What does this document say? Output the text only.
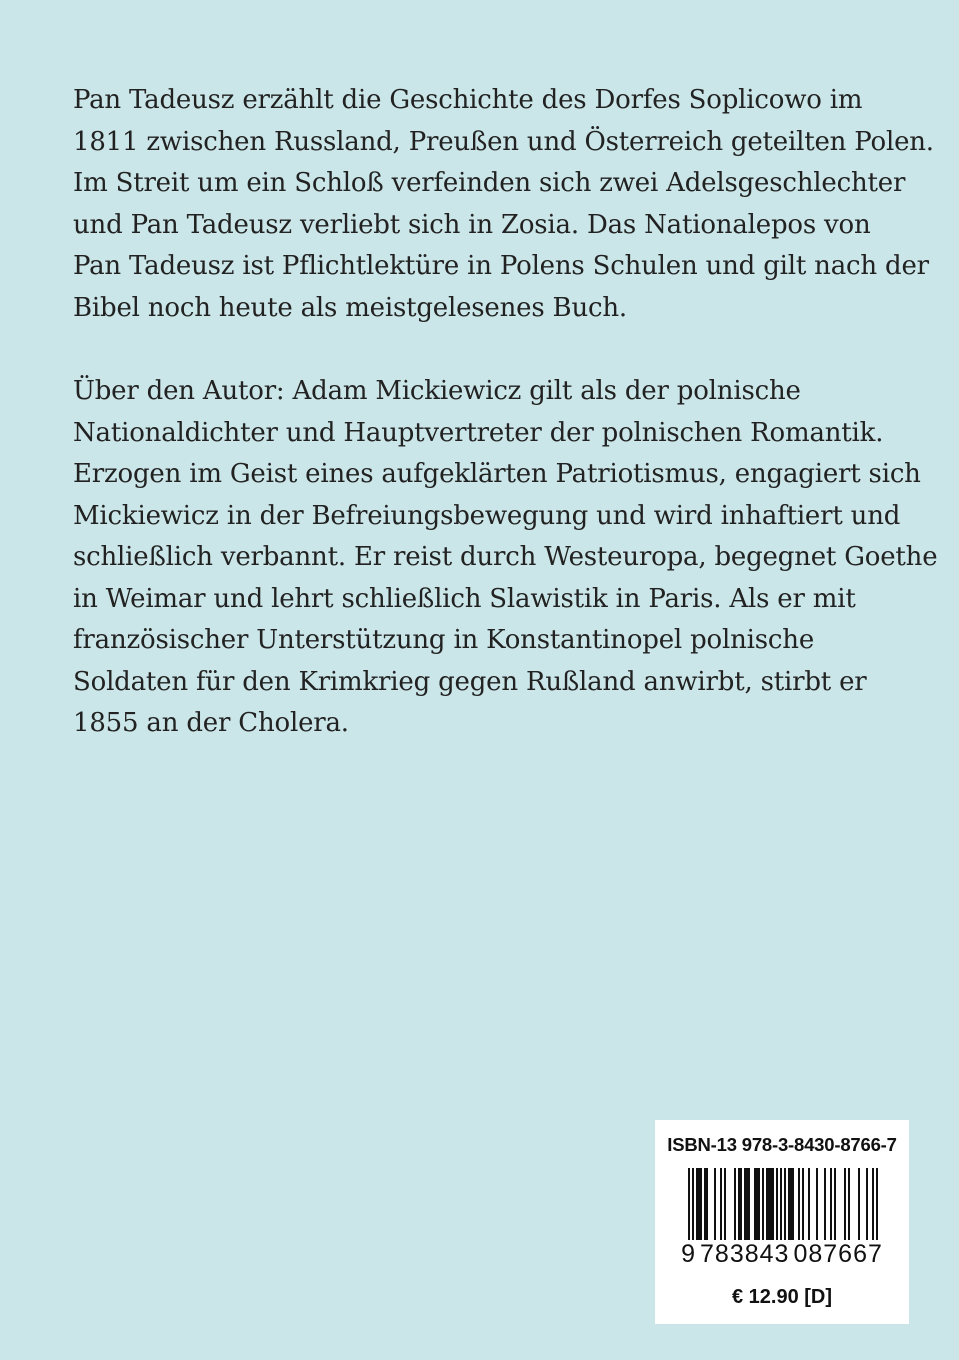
Pan Tadeusz erzählt die Geschichte des Dorfes Soplicowo im

1811 zwischen Russland, Preußen und Österreich geteilten Polen.

Im Streit um ein Schloß verfeinden sich zwei Adelsgeschlechter

und Pan Tadeusz verliebt sich in Zosia. Das Nationalepos von

Pan Tadeusz ist Pflichtlektüre in Polens Schulen und gilt nach der

Bibel noch heute als meistgelesenes Buch.

Über den Autor: Adam Mickiewicz gilt als der polnische

Nationaldichter und Hauptvertreter der polnischen Romantik.

Erzogen im Geist eines aufgeklärten Patriotismus, engagiert sich

Mickiewicz in der Befreiungsbewegung und wird inhaftiert und

schließlich verbannt. Er reist durch Westeuropa, begegnet Goethe

in Weimar und lehrt schließlich Slawistik in Paris. Als er mit

französischer Unterstützung in Konstantinopel polnische

Soldaten für den Krimkrieg gegen Rußland anwirbt, stirbt er

1855 an der Cholera.

ISBN-13 978-3-8430-8766-7
9 783843 087667
€ 12.90 [D]
